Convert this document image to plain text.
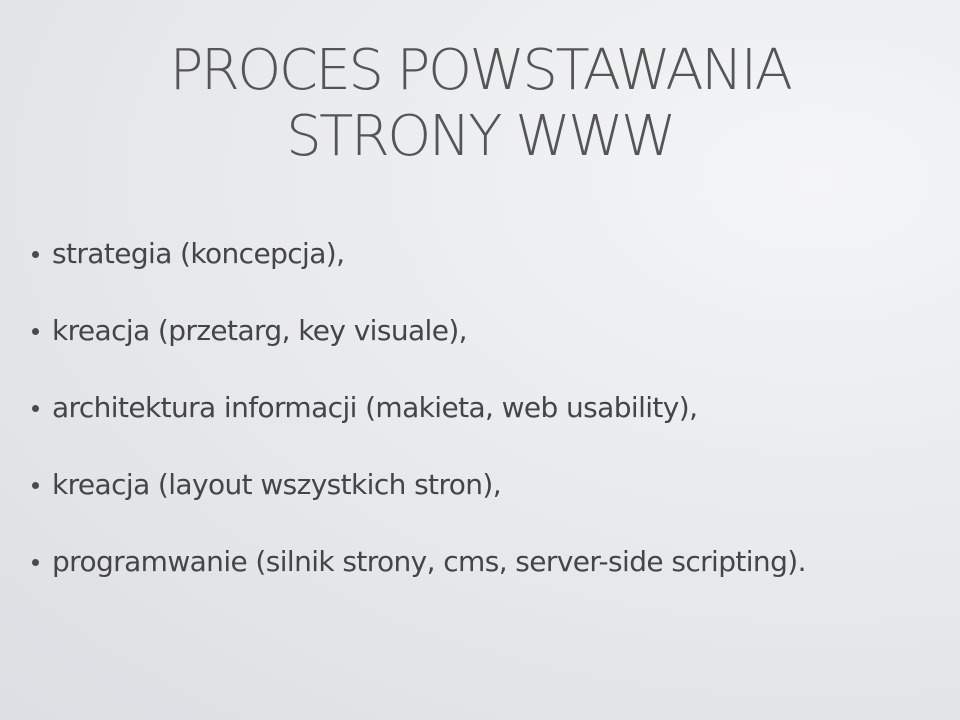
PROCES POWSTAWANIA
STRONY WWW
strategia (koncepcja),
kreacja (przetarg, key visuale),
architektura informacji (makieta, web usability),
kreacja (layout wszystkich stron),
programwanie (silnik strony, cms, server-side scripting).
